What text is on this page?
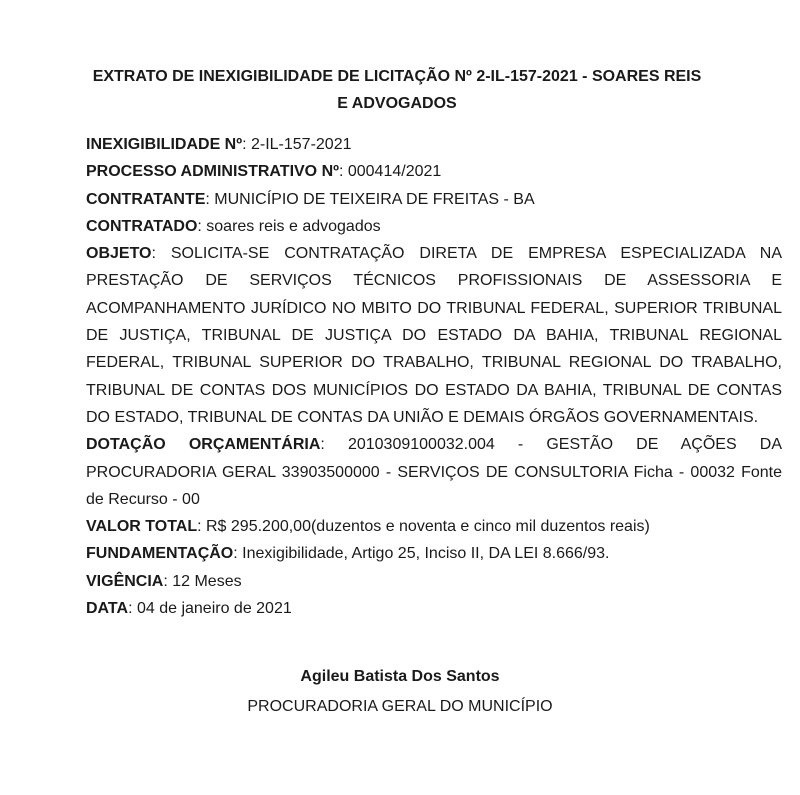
EXTRATO DE INEXIGIBILIDADE DE LICITAÇÃO Nº 2-IL-157-2021 - SOARES REIS E ADVOGADOS

INEXIGIBILIDADE Nº: 2-IL-157-2021

PROCESSO ADMINISTRATIVO Nº: 000414/2021

CONTRATANTE: MUNICÍPIO DE TEIXEIRA DE FREITAS - BA

CONTRATADO: soares reis e advogados

OBJETO: SOLICITA-SE CONTRATAÇÃO DIRETA DE EMPRESA ESPECIALIZADA NA PRESTAÇÃO DE SERVIÇOS TÉCNICOS PROFISSIONAIS DE ASSESSORIA E ACOMPANHAMENTO JURÍDICO NO MBITO DO TRIBUNAL FEDERAL, SUPERIOR TRIBUNAL DE JUSTIÇA, TRIBUNAL DE JUSTIÇA DO ESTADO DA BAHIA, TRIBUNAL REGIONAL FEDERAL, TRIBUNAL SUPERIOR DO TRABALHO, TRIBUNAL REGIONAL DO TRABALHO, TRIBUNAL DE CONTAS DOS MUNICÍPIOS DO ESTADO DA BAHIA, TRIBUNAL DE CONTAS DO ESTADO, TRIBUNAL DE CONTAS DA UNIÃO E DEMAIS ÓRGÃOS GOVERNAMENTAIS.

DOTAÇÃO ORÇAMENTÁRIA: 2010309100032.004 - GESTÃO DE AÇÕES DA PROCURADORIA GERAL 33903500000 - SERVIÇOS DE CONSULTORIA Ficha - 00032 Fonte de Recurso - 00

VALOR TOTAL: R$ 295.200,00(duzentos e noventa e cinco mil duzentos reais)

FUNDAMENTAÇÃO: Inexigibilidade, Artigo 25, Inciso II, DA LEI 8.666/93.

VIGÊNCIA: 12 Meses

DATA: 04 de janeiro de 2021

Agileu Batista Dos Santos
PROCURADORIA GERAL DO MUNICÍPIO
